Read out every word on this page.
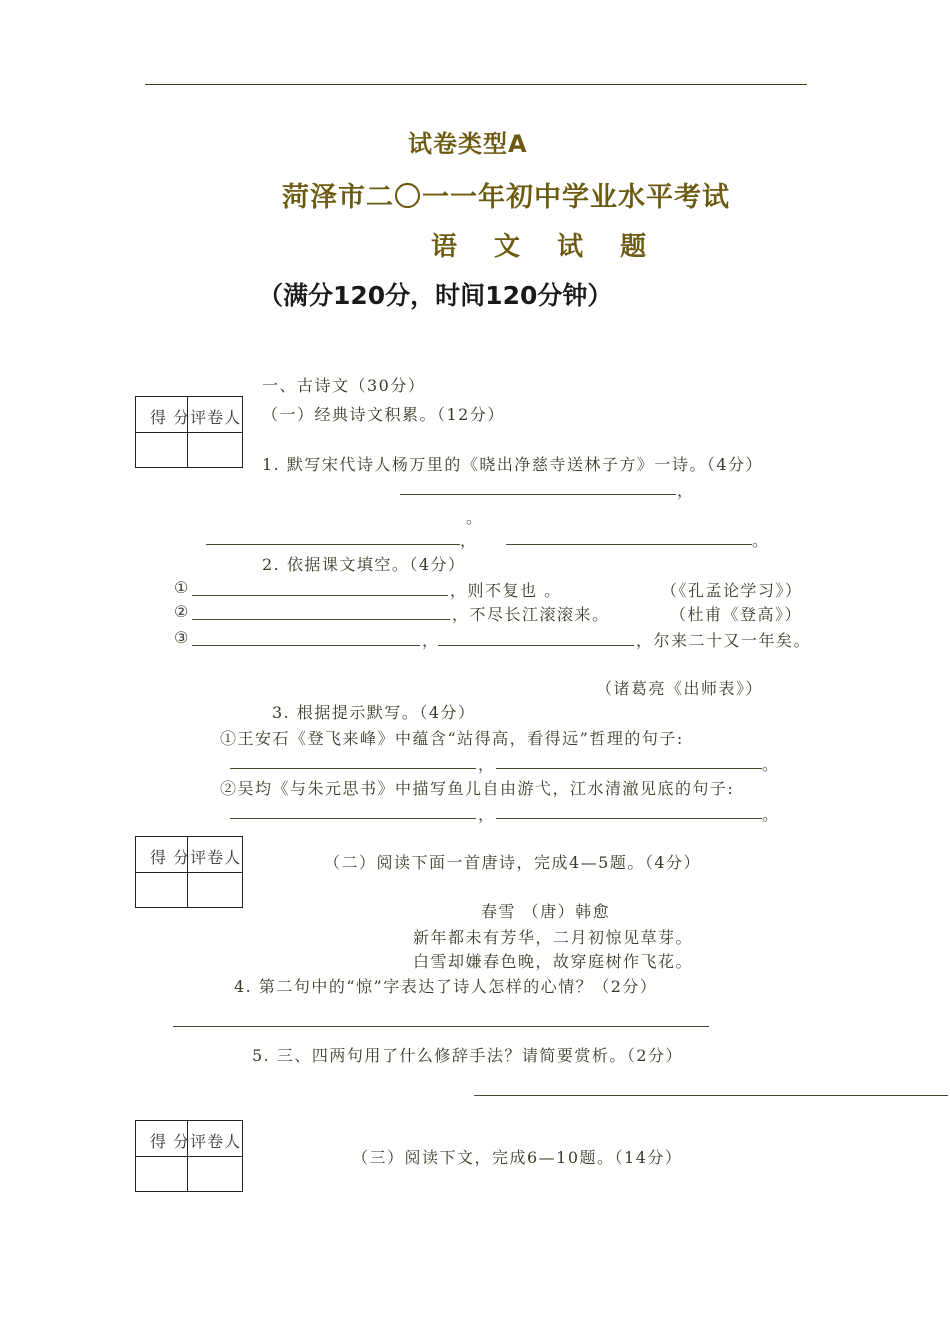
试卷类型A
菏泽市二〇一一年初中学业水平考试
语 文 试 题
（满分120分，时间120分钟）
一、古诗文（30分）
得 分评卷人 （一）经典诗文积累。（12分）
1. 默写宋代诗人杨万里的《晓出净慈寺送林子方》一诗。（4分）
，
。
，	。
2. 依据课文填空。（4分）
①	，则不复也 。	（《孔孟论学习》）
②	，不尽长江滚滚来。	（杜甫《登高》）
③	，	，尔来二十又一年矣。
（诸葛亮《出师表》）
3. 根据提示默写。（4分）
①王安石《登飞来峰》中蕴含“站得高，看得远”哲理的句子:
，	。
②吴均《与朱元思书》中描写鱼儿自由游弋，江水清澈见底的句子:
，	。
得 分评卷人	（二）阅读下面一首唐诗，完成4—5题。（4分）
春雪 （唐）韩愈
新年都未有芳华，二月初惊见草芽。
白雪却嫌春色晚，故穿庭树作飞花。
4. 第二句中的“惊”字表达了诗人怎样的心情？（2分）
5. 三、四两句用了什么修辞手法？请简要赏析。（2分）
得 分评卷人
（三）阅读下文，完成6—10题。（14分）
